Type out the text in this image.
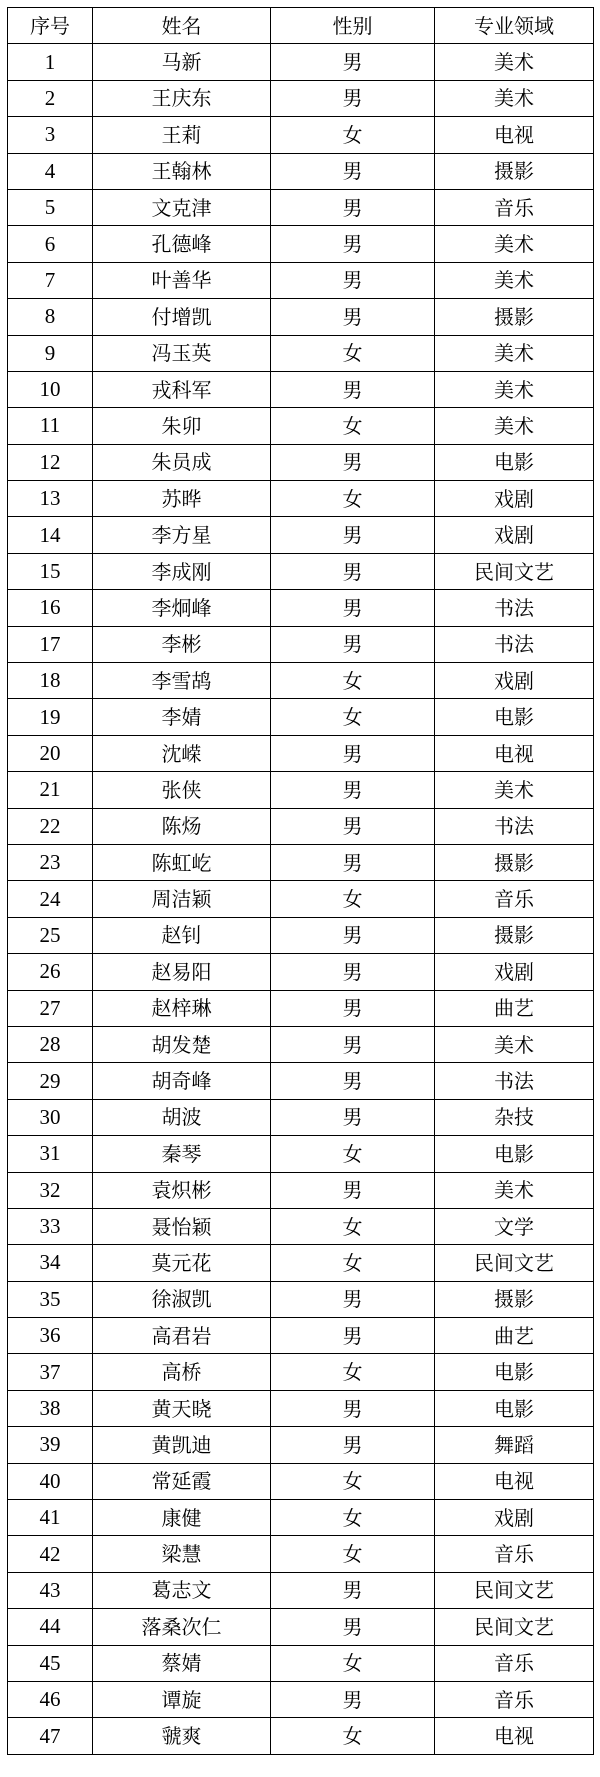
序号	姓名	性别	专业领域
1	马新	男	美术
2	王庆东	男	美术
3	王莉	女	电视
4	王翰林	男	摄影
5	文克津	男	音乐
6	孔德峰	男	美术
7	叶善华	男	美术
8	付增凯	男	摄影
9	冯玉英	女	美术
10	戎科军	男	美术
11	朱卯	女	美术
12	朱员成	男	电影
13	苏晔	女	戏剧
14	李方星	男	戏剧
15	李成刚	男	民间文艺
16	李炯峰	男	书法
17	李彬	男	书法
18	李雪鸪	女	戏剧
19	李婧	女	电影
20	沈嵘	男	电视
21	张侠	男	美术
22	陈炀	男	书法
23	陈虹屹	男	摄影
24	周洁颖	女	音乐
25	赵钊	男	摄影
26	赵易阳	男	戏剧
27	赵梓琳	男	曲艺
28	胡发楚	男	美术
29	胡奇峰	男	书法
30	胡波	男	杂技
31	秦琴	女	电影
32	袁炽彬	男	美术
33	聂怡颖	女	文学
34	莫元花	女	民间文艺
35	徐淑凯	男	摄影
36	高君岩	男	曲艺
37	高桥	女	电影
38	黄天晓	男	电影
39	黄凯迪	男	舞蹈
40	常延霞	女	电视
41	康健	女	戏剧
42	梁慧	女	音乐
43	葛志文	男	民间文艺
44	落桑次仁	男	民间文艺
45	蔡婧	女	音乐
46	谭旋	男	音乐
47	虢爽	女	电视
